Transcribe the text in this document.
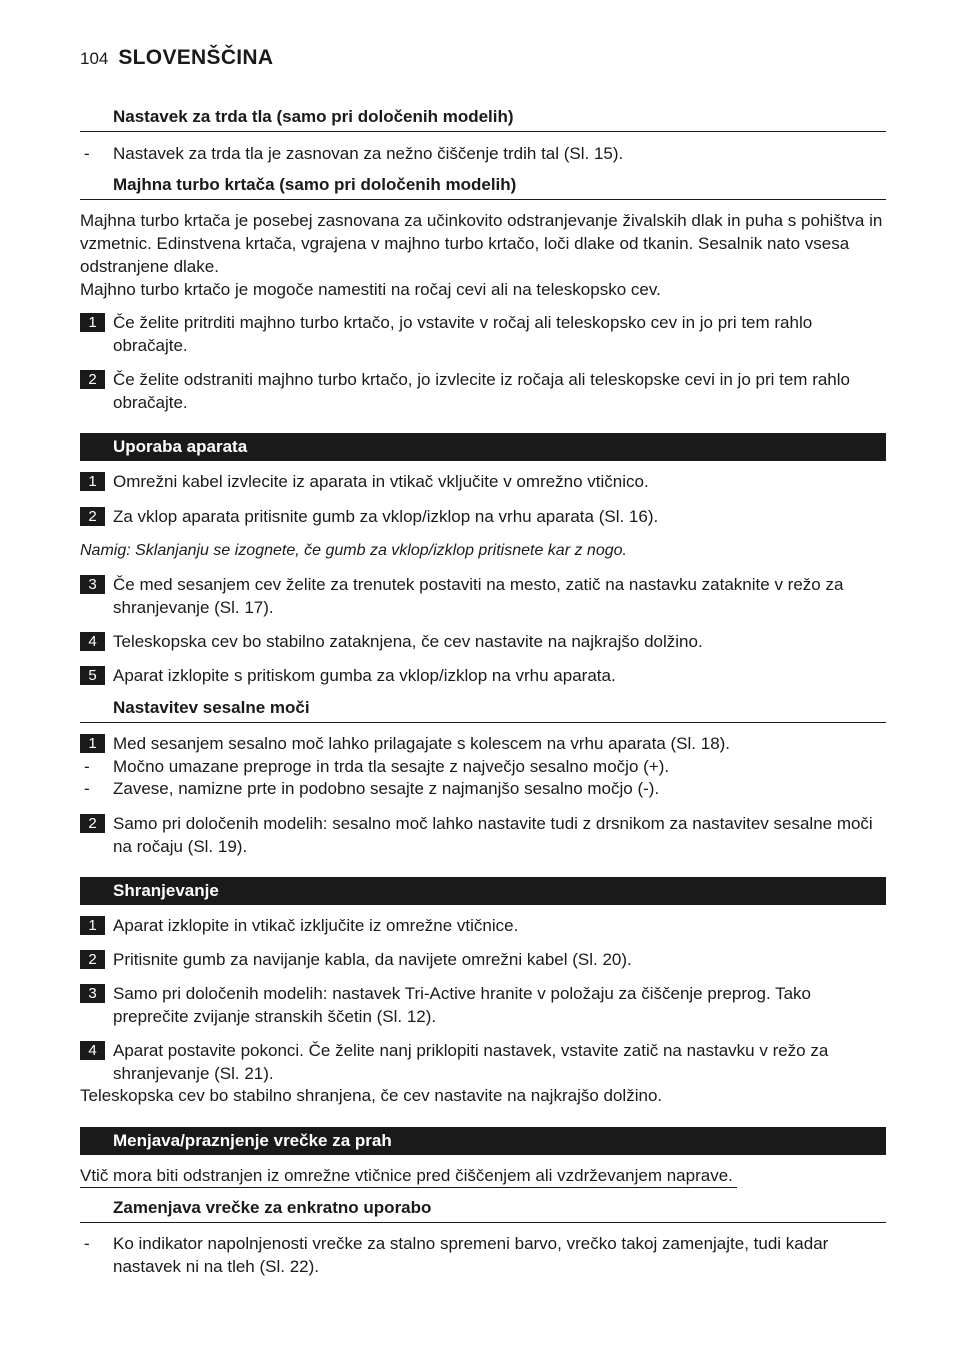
104 SLOVENŠČINA
Nastavek za trda tla (samo pri določenih modelih)
- Nastavek za trda tla je zasnovan za nežno čiščenje trdih tal (Sl. 15).
Majhna turbo krtača (samo pri določenih modelih)
Majhna turbo krtača je posebej zasnovana za učinkovito odstranjevanje živalskih dlak in puha s pohištva in vzmetnic. Edinstvena krtača, vgrajena v majhno turbo krtačo, loči dlake od tkanin. Sesalnik nato vsesa odstranjene dlake.
Majhno turbo krtačo je mogoče namestiti na ročaj cevi ali na teleskopsko cev.
1 Če želite pritrditi majhno turbo krtačo, jo vstavite v ročaj ali teleskopsko cev in jo pri tem rahlo obračajte.
2 Če želite odstraniti majhno turbo krtačo, jo izvlecite iz ročaja ali teleskopske cevi in jo pri tem rahlo obračajte.
Uporaba aparata
1 Omrežni kabel izvlecite iz aparata in vtikač vključite v omrežno vtičnico.
2 Za vklop aparata pritisnite gumb za vklop/izklop na vrhu aparata (Sl. 16).
Namig: Sklanjanju se izognete, če gumb za vklop/izklop pritisnete kar z nogo.
3 Če med sesanjem cev želite za trenutek postaviti na mesto, zatič na nastavku zataknite v režo za shranjevanje (Sl. 17).
4 Teleskopska cev bo stabilno zataknjena, če cev nastavite na najkrajšo dolžino.
5 Aparat izklopite s pritiskom gumba za vklop/izklop na vrhu aparata.
Nastavitev sesalne moči
1 Med sesanjem sesalno moč lahko prilagajate s kolescem na vrhu aparata (Sl. 18).
- Močno umazane preproge in trda tla sesajte z največjo sesalno močjo (+).
- Zavese, namizne prte in podobno sesajte z najmanjšo sesalno močjo (-).
2 Samo pri določenih modelih: sesalno moč lahko nastavite tudi z drsnikom za nastavitev sesalne moči na ročaju (Sl. 19).
Shranjevanje
1 Aparat izklopite in vtikač izključite iz omrežne vtičnice.
2 Pritisnite gumb za navijanje kabla, da navijete omrežni kabel (Sl. 20).
3 Samo pri določenih modelih: nastavek Tri-Active hranite v položaju za čiščenje preprog. Tako preprečite zvijanje stranskih ščetin (Sl. 12).
4 Aparat postavite pokonci. Če želite nanj priklopiti nastavek, vstavite zatič na nastavku v režo za shranjevanje (Sl. 21).
Teleskopska cev bo stabilno shranjena, če cev nastavite na najkrajšo dolžino.
Menjava/praznjenje vrečke za prah
Vtič mora biti odstranjen iz omrežne vtičnice pred čiščenjem ali vzdrževanjem naprave.
Zamenjava vrečke za enkratno uporabo
- Ko indikator napolnjenosti vrečke za stalno spremeni barvo, vrečko takoj zamenjajte, tudi kadar nastavek ni na tleh (Sl. 22).
